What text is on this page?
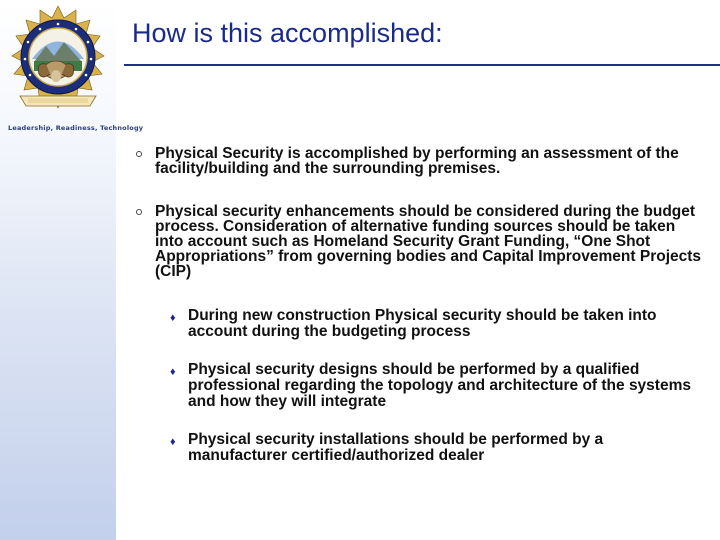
Leadership, Readiness, Technology
How is this accomplished:
Physical Security is accomplished by performing an assessment of the facility/building and the surrounding premises.
Physical security enhancements should be considered during the budget process. Consideration of alternative funding sources should be taken into account such as Homeland Security Grant Funding, “One Shot Appropriations” from governing bodies and Capital Improvement Projects (CIP)
♦ During new construction Physical security should be taken into account during the budgeting process
♦ Physical security designs should be performed by a qualified professional regarding the topology and architecture of the systems and how they will integrate
♦ Physical security installations should be performed by a manufacturer certified/authorized dealer
